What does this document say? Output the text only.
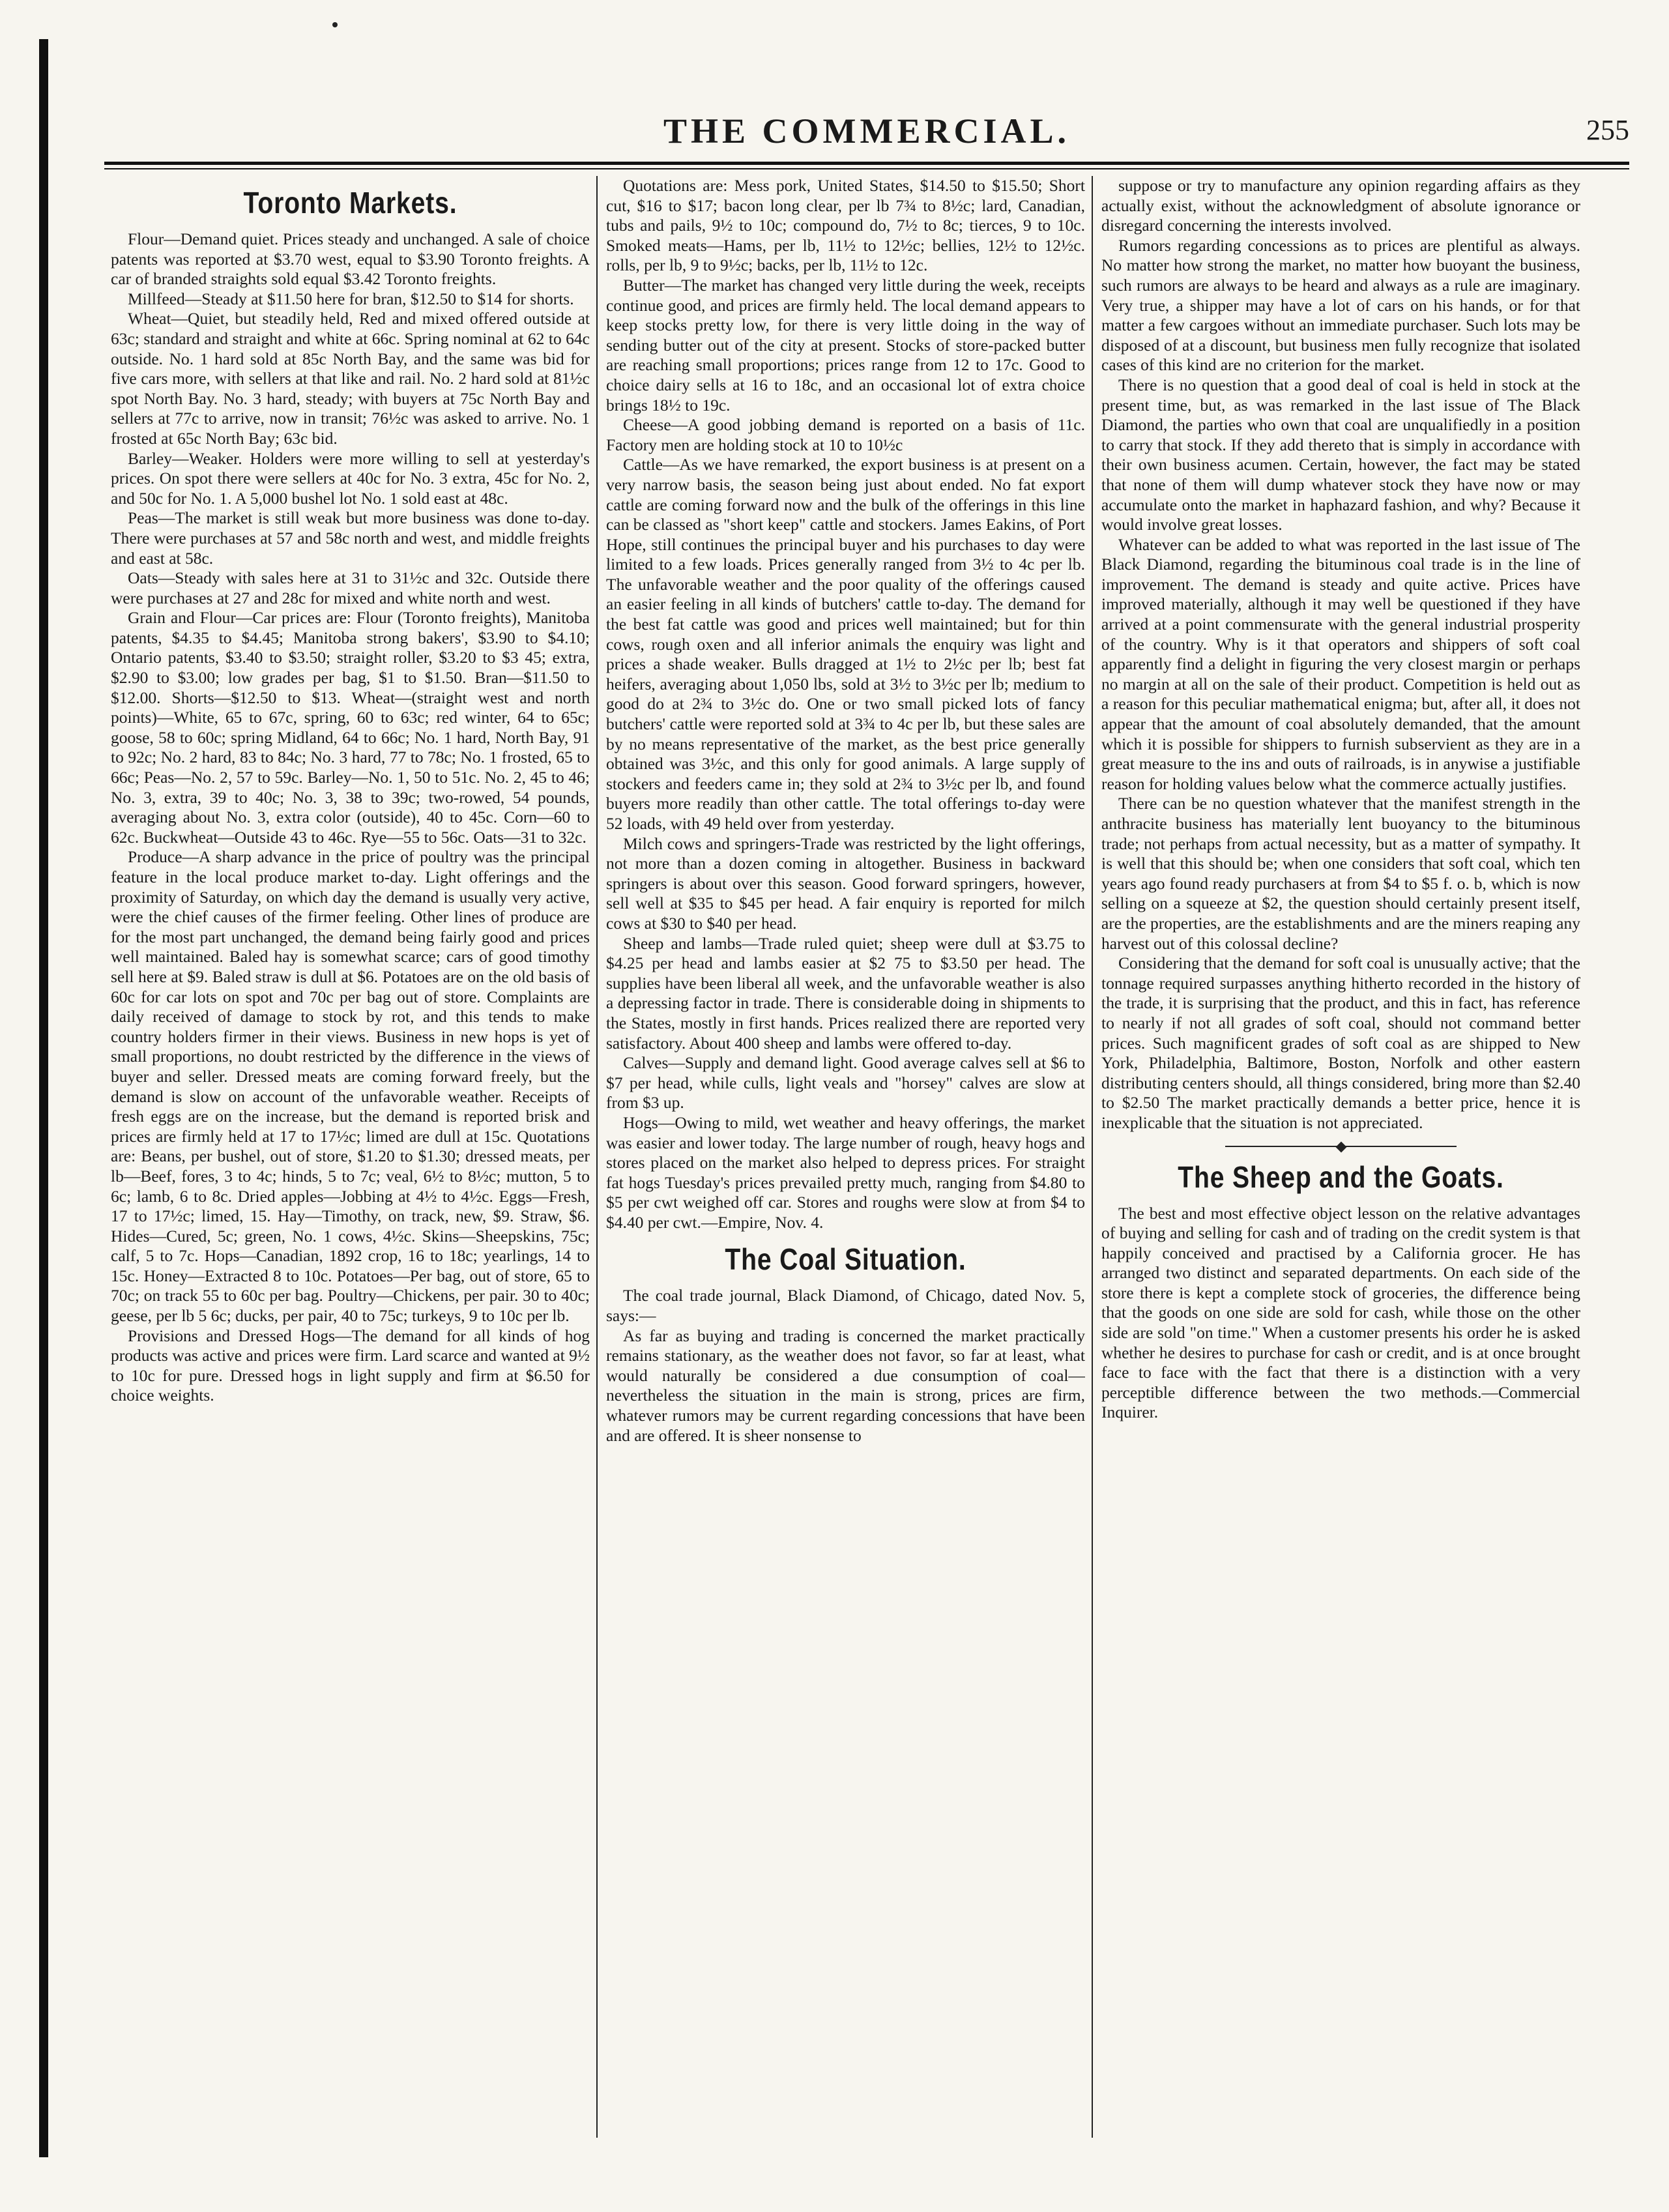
THE COMMERCIAL.	255
Toronto Markets.

Flour—Demand quiet. Prices steady and unchanged. A sale of choice patents was reported at $3.70 west, equal to $3.90 Toronto freights. A car of branded straights sold equal $3.42 Toronto freights.

Millfeed—Steady at $11.50 here for bran, $12.50 to $14 for shorts.

Wheat—Quiet, but steadily held, Red and mixed offered outside at 63c; standard and straight and white at 66c. Spring nominal at 62 to 64c outside. No. 1 hard sold at 85c North Bay, and the same was bid for five cars more, with sellers at that like and rail. No. 2 hard sold at 81½c spot North Bay. No. 3 hard, steady; with buyers at 75c North Bay and sellers at 77c to arrive, now in transit; 76½c was asked to arrive. No. 1 frosted at 65c North Bay; 63c bid.

Barley—Weaker. Holders were more willing to sell at yesterday's prices. On spot there were sellers at 40c for No. 3 extra, 45c for No. 2, and 50c for No. 1. A 5,000 bushel lot No. 1 sold east at 48c.

Peas—The market is still weak but more business was done to-day. There were purchases at 57 and 58c north and west, and middle freights and east at 58c.

Oats—Steady with sales here at 31 to 31½c and 32c. Outside there were purchases at 27 and 28c for mixed and white north and west.

Grain and Flour—Car prices are: Flour (Toronto freights), Manitoba patents, $4.35 to $4.45; Manitoba strong bakers', $3.90 to $4.10; Ontario patents, $3.40 to $3.50; straight roller, $3.20 to $3 45; extra, $2.90 to $3.00; low grades per bag, $1 to $1.50. Bran—$11.50 to $12.00. Shorts—$12.50 to $13. Wheat—(straight west and north points)—White, 65 to 67c, spring, 60 to 63c; red winter, 64 to 65c; goose, 58 to 60c; spring Midland, 64 to 66c; No. 1 hard, North Bay, 91 to 92c; No. 2 hard, 83 to 84c; No. 3 hard, 77 to 78c; No. 1 frosted, 65 to 66c; Peas—No. 2, 57 to 59c. Barley—No. 1, 50 to 51c. No. 2, 45 to 46; No. 3, extra, 39 to 40c; No. 3, 38 to 39c; two-rowed, 54 pounds, averaging about No. 3, extra color (outside), 40 to 45c. Corn—60 to 62c. Buckwheat—Outside 43 to 46c. Rye—55 to 56c. Oats—31 to 32c.

Produce—A sharp advance in the price of poultry was the principal feature in the local produce market to-day. Light offerings and the proximity of Saturday, on which day the demand is usually very active, were the chief causes of the firmer feeling. Other lines of produce are for the most part unchanged, the demand being fairly good and prices well maintained. Baled hay is somewhat scarce; cars of good timothy sell here at $9. Baled straw is dull at $6. Potatoes are on the old basis of 60c for car lots on spot and 70c per bag out of store. Complaints are daily received of damage to stock by rot, and this tends to make country holders firmer in their views. Business in new hops is yet of small proportions, no doubt restricted by the difference in the views of buyer and seller. Dressed meats are coming forward freely, but the demand is slow on account of the unfavorable weather. Receipts of fresh eggs are on the increase, but the demand is reported brisk and prices are firmly held at 17 to 17½c; limed are dull at 15c. Quotations are: Beans, per bushel, out of store, $1.20 to $1.30; dressed meats, per lb—Beef, fores, 3 to 4c; hinds, 5 to 7c; veal, 6½ to 8½c; mutton, 5 to 6c; lamb, 6 to 8c. Dried apples—Jobbing at 4½ to 4½c. Eggs—Fresh, 17 to 17½c; limed, 15. Hay—Timothy, on track, new, $9. Straw, $6. Hides—Cured, 5c; green, No. 1 cows, 4½c. Skins—Sheepskins, 75c; calf, 5 to 7c. Hops—Canadian, 1892 crop, 16 to 18c; yearlings, 14 to 15c. Honey—Extracted 8 to 10c. Potatoes—Per bag, out of store, 65 to 70c; on track 55 to 60c per bag. Poultry—Chickens, per pair. 30 to 40c; geese, per lb 5 6c; ducks, per pair, 40 to 75c; turkeys, 9 to 10c per lb.

Provisions and Dressed Hogs—The demand for all kinds of hog products was active and prices were firm. Lard scarce and wanted at 9½ to 10c for pure. Dressed hogs in light supply and firm at $6.50 for choice weights.

Quotations are: Mess pork, United States, $14.50 to $15.50; Short cut, $16 to $17; bacon long clear, per lb 7¾ to 8½c; lard, Canadian, tubs and pails, 9½ to 10c; compound do, 7½ to 8c; tierces, 9 to 10c. Smoked meats—Hams, per lb, 11½ to 12½c; bellies, 12½ to 12½c. rolls, per lb, 9 to 9½c; backs, per lb, 11½ to 12c.

Butter—The market has changed very little during the week, receipts continue good, and prices are firmly held. The local demand appears to keep stocks pretty low, for there is very little doing in the way of sending butter out of the city at present. Stocks of store-packed butter are reaching small proportions; prices range from 12 to 17c. Good to choice dairy sells at 16 to 18c, and an occasional lot of extra choice brings 18½ to 19c.

Cheese—A good jobbing demand is reported on a basis of 11c. Factory men are holding stock at 10 to 10½c

Cattle—As we have remarked, the export business is at present on a very narrow basis, the season being just about ended. No fat export cattle are coming forward now and the bulk of the offerings in this line can be classed as "short keep" cattle and stockers. James Eakins, of Port Hope, still continues the principal buyer and his purchases to day were limited to a few loads. Prices generally ranged from 3½ to 4c per lb. The unfavorable weather and the poor quality of the offerings caused an easier feeling in all kinds of butchers' cattle to-day. The demand for the best fat cattle was good and prices well maintained; but for thin cows, rough oxen and all inferior animals the enquiry was light and prices a shade weaker. Bulls dragged at 1½ to 2½c per lb; best fat heifers, averaging about 1,050 lbs, sold at 3½ to 3½c per lb; medium to good do at 2¾ to 3½c do. One or two small picked lots of fancy butchers' cattle were reported sold at 3¾ to 4c per lb, but these sales are by no means representative of the market, as the best price generally obtained was 3½c, and this only for good animals. A large supply of stockers and feeders came in; they sold at 2¾ to 3½c per lb, and found buyers more readily than other cattle. The total offerings to-day were 52 loads, with 49 held over from yesterday.

Milch cows and springers-Trade was restricted by the light offerings, not more than a dozen coming in altogether. Business in backward springers is about over this season. Good forward springers, however, sell well at $35 to $45 per head. A fair enquiry is reported for milch cows at $30 to $40 per head.

Sheep and lambs—Trade ruled quiet; sheep were dull at $3.75 to $4.25 per head and lambs easier at $2 75 to $3.50 per head. The supplies have been liberal all week, and the unfavorable weather is also a depressing factor in trade. There is considerable doing in shipments to the States, mostly in first hands. Prices realized there are reported very satisfactory. About 400 sheep and lambs were offered to-day.

Calves—Supply and demand light. Good average calves sell at $6 to $7 per head, while culls, light veals and "horsey" calves are slow at from $3 up.

Hogs—Owing to mild, wet weather and heavy offerings, the market was easier and lower today. The large number of rough, heavy hogs and stores placed on the market also helped to depress prices. For straight fat hogs Tuesday's prices prevailed pretty much, ranging from $4.80 to $5 per cwt weighed off car. Stores and roughs were slow at from $4 to $4.40 per cwt.—Empire, Nov. 4.

The Coal Situation.

The coal trade journal, Black Diamond, of Chicago, dated Nov. 5, says:—

As far as buying and trading is concerned the market practically remains stationary, as the weather does not favor, so far at least, what would naturally be considered a due consumption of coal—nevertheless the situation in the main is strong, prices are firm, whatever rumors may be current regarding concessions that have been and are offered. It is sheer nonsense to

suppose or try to manufacture any opinion regarding affairs as they actually exist, without the acknowledgment of absolute ignorance or disregard concerning the interests involved.

Rumors regarding concessions as to prices are plentiful as always. No matter how strong the market, no matter how buoyant the business, such rumors are always to be heard and always as a rule are imaginary. Very true, a shipper may have a lot of cars on his hands, or for that matter a few cargoes without an immediate purchaser. Such lots may be disposed of at a discount, but business men fully recognize that isolated cases of this kind are no criterion for the market.

There is no question that a good deal of coal is held in stock at the present time, but, as was remarked in the last issue of The Black Diamond, the parties who own that coal are unqualifiedly in a position to carry that stock. If they add thereto that is simply in accordance with their own business acumen. Certain, however, the fact may be stated that none of them will dump whatever stock they have now or may accumulate onto the market in haphazard fashion, and why? Because it would involve great losses.

Whatever can be added to what was reported in the last issue of The Black Diamond, regarding the bituminous coal trade is in the line of improvement. The demand is steady and quite active. Prices have improved materially, although it may well be questioned if they have arrived at a point commensurate with the general industrial prosperity of the country. Why is it that operators and shippers of soft coal apparently find a delight in figuring the very closest margin or perhaps no margin at all on the sale of their product. Competition is held out as a reason for this peculiar mathematical enigma; but, after all, it does not appear that the amount of coal absolutely demanded, that the amount which it is possible for shippers to furnish subservient as they are in a great measure to the ins and outs of railroads, is in anywise a justifiable reason for holding values below what the commerce actually justifies.

There can be no question whatever that the manifest strength in the anthracite business has materially lent buoyancy to the bituminous trade; not perhaps from actual necessity, but as a matter of sympathy. It is well that this should be; when one considers that soft coal, which ten years ago found ready purchasers at from $4 to $5 f. o. b, which is now selling on a squeeze at $2, the question should certainly present itself, are the properties, are the establishments and are the miners reaping any harvest out of this colossal decline?

Considering that the demand for soft coal is unusually active; that the tonnage required surpasses anything hitherto recorded in the history of the trade, it is surprising that the product, and this in fact, has reference to nearly if not all grades of soft coal, should not command better prices. Such magnificent grades of soft coal as are shipped to New York, Philadelphia, Baltimore, Boston, Norfolk and other eastern distributing centers should, all things considered, bring more than $2.40 to $2.50 The market practically demands a better price, hence it is inexplicable that the situation is not appreciated.

The Sheep and the Goats.

The best and most effective object lesson on the relative advantages of buying and selling for cash and of trading on the credit system is that happily conceived and practised by a California grocer. He has arranged two distinct and separated departments. On each side of the store there is kept a complete stock of groceries, the difference being that the goods on one side are sold for cash, while those on the other side are sold "on time." When a customer presents his order he is asked whether he desires to purchase for cash or credit, and is at once brought face to face with the fact that there is a distinction with a very perceptible difference between the two methods.—Commercial Inquirer.
